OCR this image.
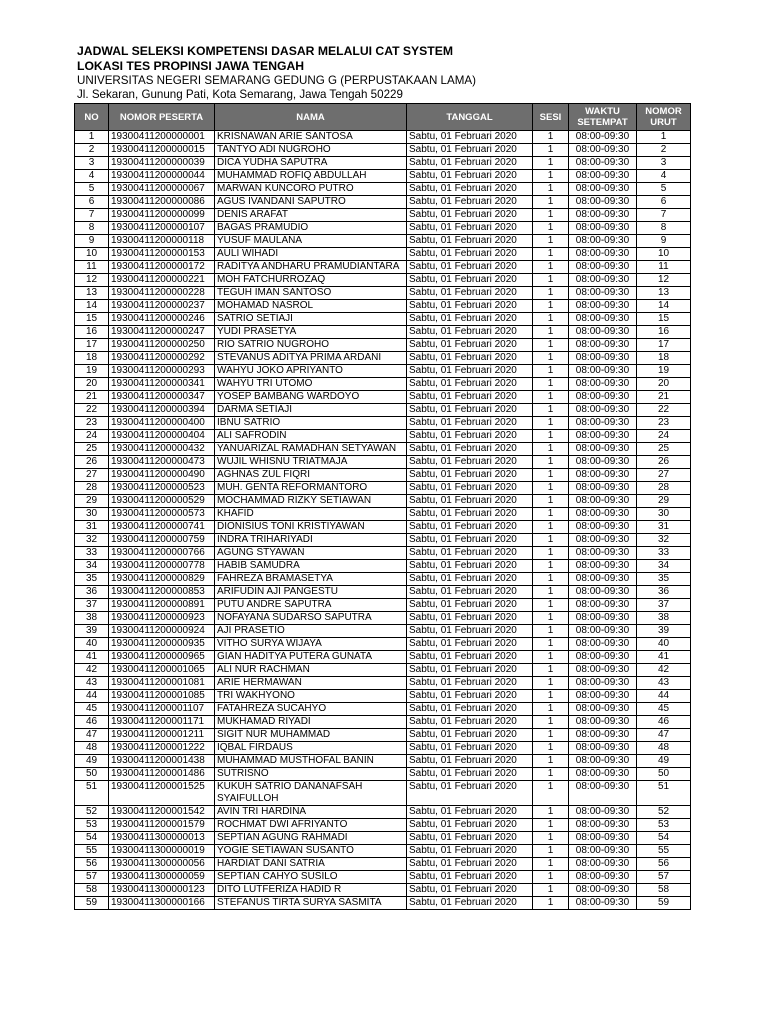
JADWAL SELEKSI KOMPETENSI DASAR MELALUI CAT SYSTEM
LOKASI TES PROPINSI JAWA TENGAH
UNIVERSITAS NEGERI SEMARANG GEDUNG G (PERPUSTAKAAN LAMA)
Jl. Sekaran, Gunung Pati, Kota Semarang, Jawa Tengah 50229
NO	NOMOR PESERTA	NAMA	TANGGAL	SESI	WAKTU SETEMPAT	NOMOR URUT
1	19300411200000001	KRISNAWAN ARIE SANTOSA	Sabtu, 01 Februari 2020	1	08:00-09:30	1
2	19300411200000015	TANTYO ADI NUGROHO	Sabtu, 01 Februari 2020	1	08:00-09:30	2
3	19300411200000039	DICA YUDHA SAPUTRA	Sabtu, 01 Februari 2020	1	08:00-09:30	3
4	19300411200000044	MUHAMMAD ROFIQ ABDULLAH	Sabtu, 01 Februari 2020	1	08:00-09:30	4
5	19300411200000067	MARWAN KUNCORO PUTRO	Sabtu, 01 Februari 2020	1	08:00-09:30	5
6	19300411200000086	AGUS IVANDANI SAPUTRO	Sabtu, 01 Februari 2020	1	08:00-09:30	6
7	19300411200000099	DENIS ARAFAT	Sabtu, 01 Februari 2020	1	08:00-09:30	7
8	19300411200000107	BAGAS PRAMUDIO	Sabtu, 01 Februari 2020	1	08:00-09:30	8
9	19300411200000118	YUSUF MAULANA	Sabtu, 01 Februari 2020	1	08:00-09:30	9
10	19300411200000153	AULI WIHADI	Sabtu, 01 Februari 2020	1	08:00-09:30	10
11	19300411200000172	RADITYA ANDHARU PRAMUDIANTARA	Sabtu, 01 Februari 2020	1	08:00-09:30	11
12	19300411200000221	MOH FATCHURROZAQ	Sabtu, 01 Februari 2020	1	08:00-09:30	12
13	19300411200000228	TEGUH IMAN SANTOSO	Sabtu, 01 Februari 2020	1	08:00-09:30	13
14	19300411200000237	MOHAMAD NASROL	Sabtu, 01 Februari 2020	1	08:00-09:30	14
15	19300411200000246	SATRIO SETIAJI	Sabtu, 01 Februari 2020	1	08:00-09:30	15
16	19300411200000247	YUDI PRASETYA	Sabtu, 01 Februari 2020	1	08:00-09:30	16
17	19300411200000250	RIO SATRIO NUGROHO	Sabtu, 01 Februari 2020	1	08:00-09:30	17
18	19300411200000292	STEVANUS ADITYA PRIMA ARDANI	Sabtu, 01 Februari 2020	1	08:00-09:30	18
19	19300411200000293	WAHYU JOKO APRIYANTO	Sabtu, 01 Februari 2020	1	08:00-09:30	19
20	19300411200000341	WAHYU TRI UTOMO	Sabtu, 01 Februari 2020	1	08:00-09:30	20
21	19300411200000347	YOSEP BAMBANG WARDOYO	Sabtu, 01 Februari 2020	1	08:00-09:30	21
22	19300411200000394	DARMA SETIAJI	Sabtu, 01 Februari 2020	1	08:00-09:30	22
23	19300411200000400	IBNU SATRIO	Sabtu, 01 Februari 2020	1	08:00-09:30	23
24	19300411200000404	ALI SAFRODIN	Sabtu, 01 Februari 2020	1	08:00-09:30	24
25	19300411200000432	YANUARIZAL RAMADHAN SETYAWAN	Sabtu, 01 Februari 2020	1	08:00-09:30	25
26	19300411200000473	WUJIL WHISNU TRIATMAJA	Sabtu, 01 Februari 2020	1	08:00-09:30	26
27	19300411200000490	AGHNAS ZUL FIQRI	Sabtu, 01 Februari 2020	1	08:00-09:30	27
28	19300411200000523	MUH. GENTA REFORMANTORO	Sabtu, 01 Februari 2020	1	08:00-09:30	28
29	19300411200000529	MOCHAMMAD RIZKY SETIAWAN	Sabtu, 01 Februari 2020	1	08:00-09:30	29
30	19300411200000573	KHAFID	Sabtu, 01 Februari 2020	1	08:00-09:30	30
31	19300411200000741	DIONISIUS TONI KRISTIYAWAN	Sabtu, 01 Februari 2020	1	08:00-09:30	31
32	19300411200000759	INDRA TRIHARIYADI	Sabtu, 01 Februari 2020	1	08:00-09:30	32
33	19300411200000766	AGUNG STYAWAN	Sabtu, 01 Februari 2020	1	08:00-09:30	33
34	19300411200000778	HABIB SAMUDRA	Sabtu, 01 Februari 2020	1	08:00-09:30	34
35	19300411200000829	FAHREZA BRAMASETYA	Sabtu, 01 Februari 2020	1	08:00-09:30	35
36	19300411200000853	ARIFUDIN AJI PANGESTU	Sabtu, 01 Februari 2020	1	08:00-09:30	36
37	19300411200000891	PUTU ANDRE SAPUTRA	Sabtu, 01 Februari 2020	1	08:00-09:30	37
38	19300411200000923	NOFAYANA SUDARSO SAPUTRA	Sabtu, 01 Februari 2020	1	08:00-09:30	38
39	19300411200000924	AJI PRASETIO	Sabtu, 01 Februari 2020	1	08:00-09:30	39
40	19300411200000935	VITHO SURYA WIJAYA	Sabtu, 01 Februari 2020	1	08:00-09:30	40
41	19300411200000965	GIAN HADITYA PUTERA GUNATA	Sabtu, 01 Februari 2020	1	08:00-09:30	41
42	19300411200001065	ALI NUR RACHMAN	Sabtu, 01 Februari 2020	1	08:00-09:30	42
43	19300411200001081	ARIE HERMAWAN	Sabtu, 01 Februari 2020	1	08:00-09:30	43
44	19300411200001085	TRI WAKHYONO	Sabtu, 01 Februari 2020	1	08:00-09:30	44
45	19300411200001107	FATAHREZA SUCAHYO	Sabtu, 01 Februari 2020	1	08:00-09:30	45
46	19300411200001171	MUKHAMAD RIYADI	Sabtu, 01 Februari 2020	1	08:00-09:30	46
47	19300411200001211	SIGIT NUR MUHAMMAD	Sabtu, 01 Februari 2020	1	08:00-09:30	47
48	19300411200001222	IQBAL FIRDAUS	Sabtu, 01 Februari 2020	1	08:00-09:30	48
49	19300411200001438	MUHAMMAD MUSTHOFAL BANIN	Sabtu, 01 Februari 2020	1	08:00-09:30	49
50	19300411200001486	SUTRISNO	Sabtu, 01 Februari 2020	1	08:00-09:30	50
51	19300411200001525	KUKUH SATRIO DANANAFSAH SYAIFULLOH	Sabtu, 01 Februari 2020	1	08:00-09:30	51
52	19300411200001542	AVIN TRI HARDINA	Sabtu, 01 Februari 2020	1	08:00-09:30	52
53	19300411200001579	ROCHMAT DWI AFRIYANTO	Sabtu, 01 Februari 2020	1	08:00-09:30	53
54	19300411300000013	SEPTIAN AGUNG RAHMADI	Sabtu, 01 Februari 2020	1	08:00-09:30	54
55	19300411300000019	YOGIE SETIAWAN SUSANTO	Sabtu, 01 Februari 2020	1	08:00-09:30	55
56	19300411300000056	HARDIAT DANI SATRIA	Sabtu, 01 Februari 2020	1	08:00-09:30	56
57	19300411300000059	SEPTIAN CAHYO SUSILO	Sabtu, 01 Februari 2020	1	08:00-09:30	57
58	19300411300000123	DITO LUTFERIZA HADID R	Sabtu, 01 Februari 2020	1	08:00-09:30	58
59	19300411300000166	STEFANUS TIRTA SURYA SASMITA	Sabtu, 01 Februari 2020	1	08:00-09:30	59
